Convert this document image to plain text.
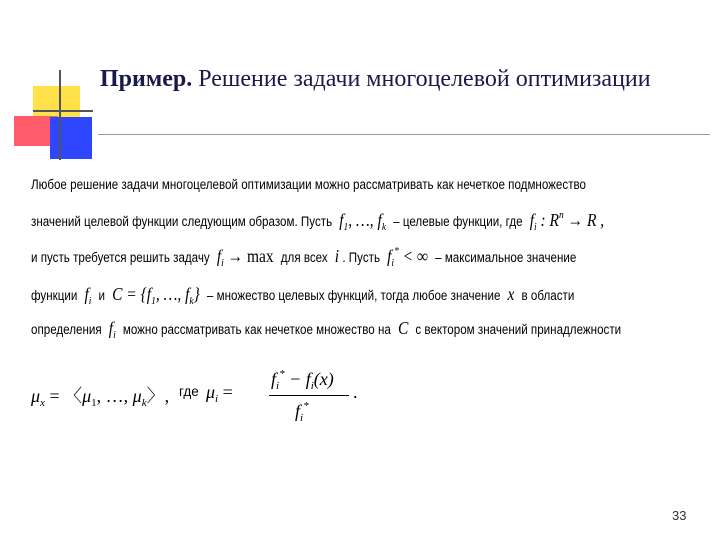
Пример. Решение задачи многоцелевой оптимизации
Любое решение задачи многоцелевой оптимизации можно рассматривать как нечеткое подмножество
значений целевой функции следующим образом. Пусть  $f_1$, …, $f_k$ – целевые функции, где  $f_i$ : $R^n \to R$ ,
и пусть требуется решить задачу  $f_i \to \max$ для всех  i . Пусть  $f_i^*$ < ∞  – максимальное значение
функции  $f_i$ и  $C = \{f_1$, …, $f_k$}  – множество целевых функций, тогда любое значение  x  в области
определения  $f_i$ можно рассматривать как нечеткое множество на  C  с вектором значений принадлежности
$\mu_x$ = 〈$\mu_1$, …, $\mu_k$〉, где $\mu_i$ =
$f_i^* - f_i(x)$
$f_i^*$
.
33
